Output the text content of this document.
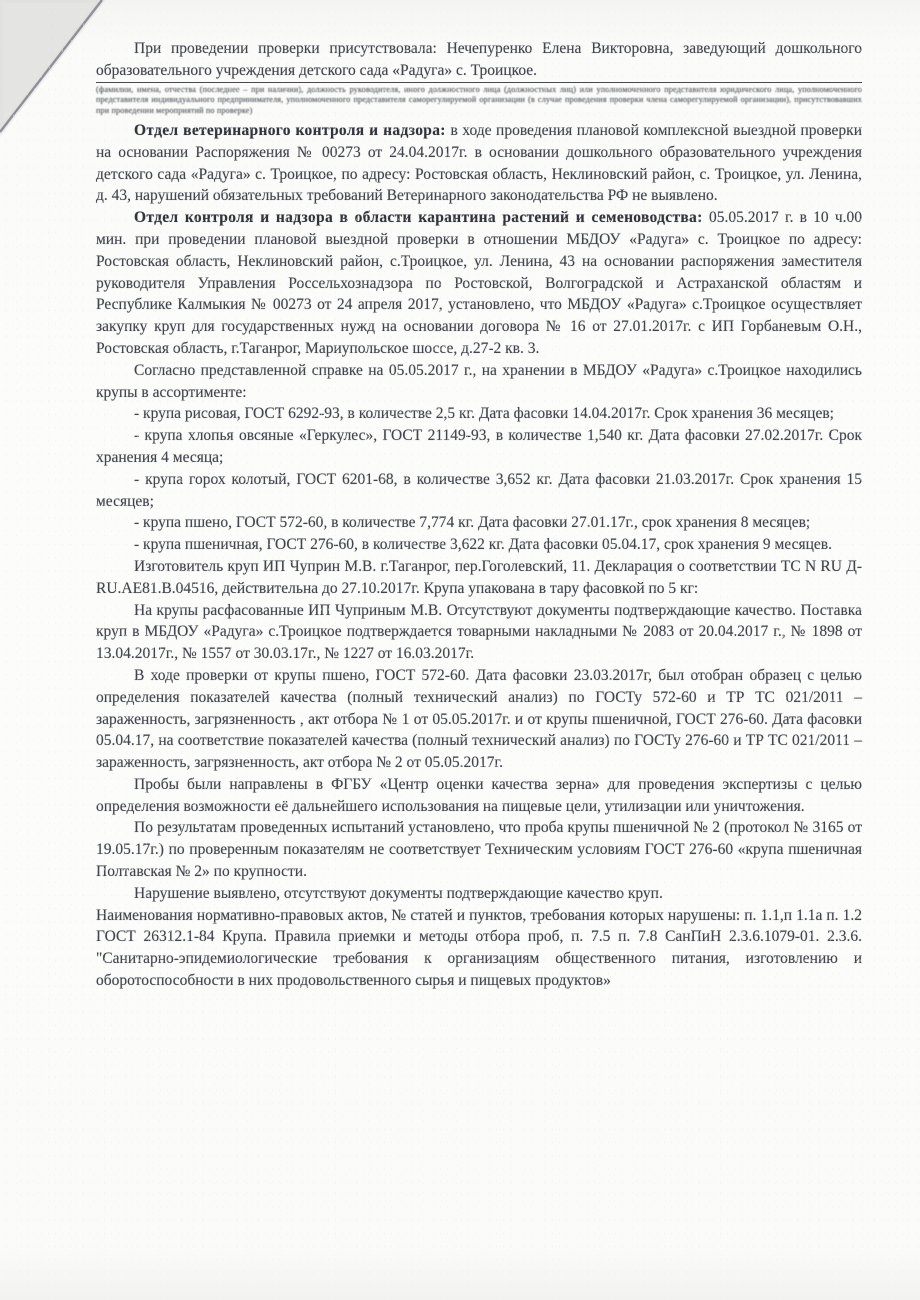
При проведении проверки присутствовала: Нечепуренко Елена Викторовна, заведующий дошкольного образовательного учреждения детского сада «Радуга» с. Троицкое.

(фамилии, имена, отчества (последнее – при наличии), должность руководителя, иного должностного лица (должностных лиц) или уполномоченного представителя юридического лица, уполномоченного представителя индивидуального предпринимателя, уполномоченного представителя саморегулируемой организации (в случае проведения проверки члена саморегулируемой организации), присутствовавших при проведении мероприятий по проверке)

Отдел ветеринарного контроля и надзора: в ходе проведения плановой комплексной выездной проверки на основании Распоряжения № 00273 от 24.04.2017г. в основании дошкольного образовательного учреждения детского сада «Радуга» с. Троицкое, по адресу: Ростовская область, Неклиновский район, с. Троицкое, ул. Ленина, д. 43, нарушений обязательных требований Ветеринарного законодательства РФ не выявлено.

Отдел контроля и надзора в области карантина растений и семеноводства: 05.05.2017 г. в 10 ч.00 мин. при проведении плановой выездной проверки в отношении МБДОУ «Радуга» с. Троицкое по адресу: Ростовская область, Неклиновский район, с.Троицкое, ул. Ленина, 43 на основании распоряжения заместителя руководителя Управления Россельхознадзора по Ростовской, Волгоградской и Астраханской областям и Республике Калмыкия № 00273 от 24 апреля 2017, установлено, что МБДОУ «Радуга» с.Троицкое осуществляет закупку круп для государственных нужд на основании договора № 16 от 27.01.2017г. с ИП Горбаневым О.Н., Ростовская область, г.Таганрог, Мариупольское шоссе, д.27-2 кв. 3.

Согласно представленной справке на 05.05.2017 г., на хранении в МБДОУ «Радуга» с.Троицкое находились крупы в ассортименте:

- крупа рисовая, ГОСТ 6292-93, в количестве 2,5 кг. Дата фасовки 14.04.2017г. Срок хранения 36 месяцев;

- крупа хлопья овсяные «Геркулес», ГОСТ 21149-93, в количестве 1,540 кг. Дата фасовки 27.02.2017г. Срок хранения 4 месяца;

- крупа горох колотый, ГОСТ 6201-68, в количестве 3,652 кг. Дата фасовки 21.03.2017г. Срок хранения 15 месяцев;

- крупа пшено, ГОСТ 572-60, в количестве 7,774 кг. Дата фасовки 27.01.17г., срок хранения 8 месяцев;

- крупа пшеничная, ГОСТ 276-60, в количестве 3,622 кг. Дата фасовки 05.04.17, срок хранения 9 месяцев.

Изготовитель круп ИП Чуприн М.В. г.Таганрог, пер.Гоголевский, 11. Декларация о соответствии ТС N RU Д-RU.АЕ81.В.04516, действительна до 27.10.2017г. Крупа упакована в тару фасовкой по 5 кг:

На крупы расфасованные ИП Чуприным М.В. Отсутствуют документы подтверждающие качество. Поставка круп в МБДОУ «Радуга» с.Троицкое подтверждается товарными накладными № 2083 от 20.04.2017 г., № 1898 от 13.04.2017г., № 1557 от 30.03.17г., № 1227 от 16.03.2017г.

В ходе проверки от крупы пшено, ГОСТ 572-60. Дата фасовки 23.03.2017г, был отобран образец с целью определения показателей качества (полный технический анализ) по ГОСТу 572-60 и ТР ТС 021/2011 – зараженность, загрязненность , акт отбора № 1 от 05.05.2017г. и от крупы пшеничной, ГОСТ 276-60. Дата фасовки 05.04.17, на соответствие показателей качества (полный технический анализ) по ГОСТу 276-60 и ТР ТС 021/2011 – зараженность, загрязненность, акт отбора № 2 от 05.05.2017г.

Пробы были направлены в ФГБУ «Центр оценки качества зерна» для проведения экспертизы с целью определения возможности её дальнейшего использования на пищевые цели, утилизации или уничтожения.

По результатам проведенных испытаний установлено, что проба крупы пшеничной № 2 (протокол № 3165 от 19.05.17г.) по проверенным показателям не соответствует Техническим условиям ГОСТ 276-60 «крупа пшеничная Полтавская № 2» по крупности.

Нарушение выявлено, отсутствуют документы подтверждающие качество круп.

Наименования нормативно-правовых актов, № статей и пунктов, требования которых нарушены: п. 1.1,п 1.1а п. 1.2 ГОСТ 26312.1-84 Крупа. Правила приемки и методы отбора проб, п. 7.5 п. 7.8 СанПиН 2.3.6.1079-01. 2.3.6. "Санитарно-эпидемиологические требования к организациям общественного питания, изготовлению и оборотоспособности в них продовольственного сырья и пищевых продуктов»
